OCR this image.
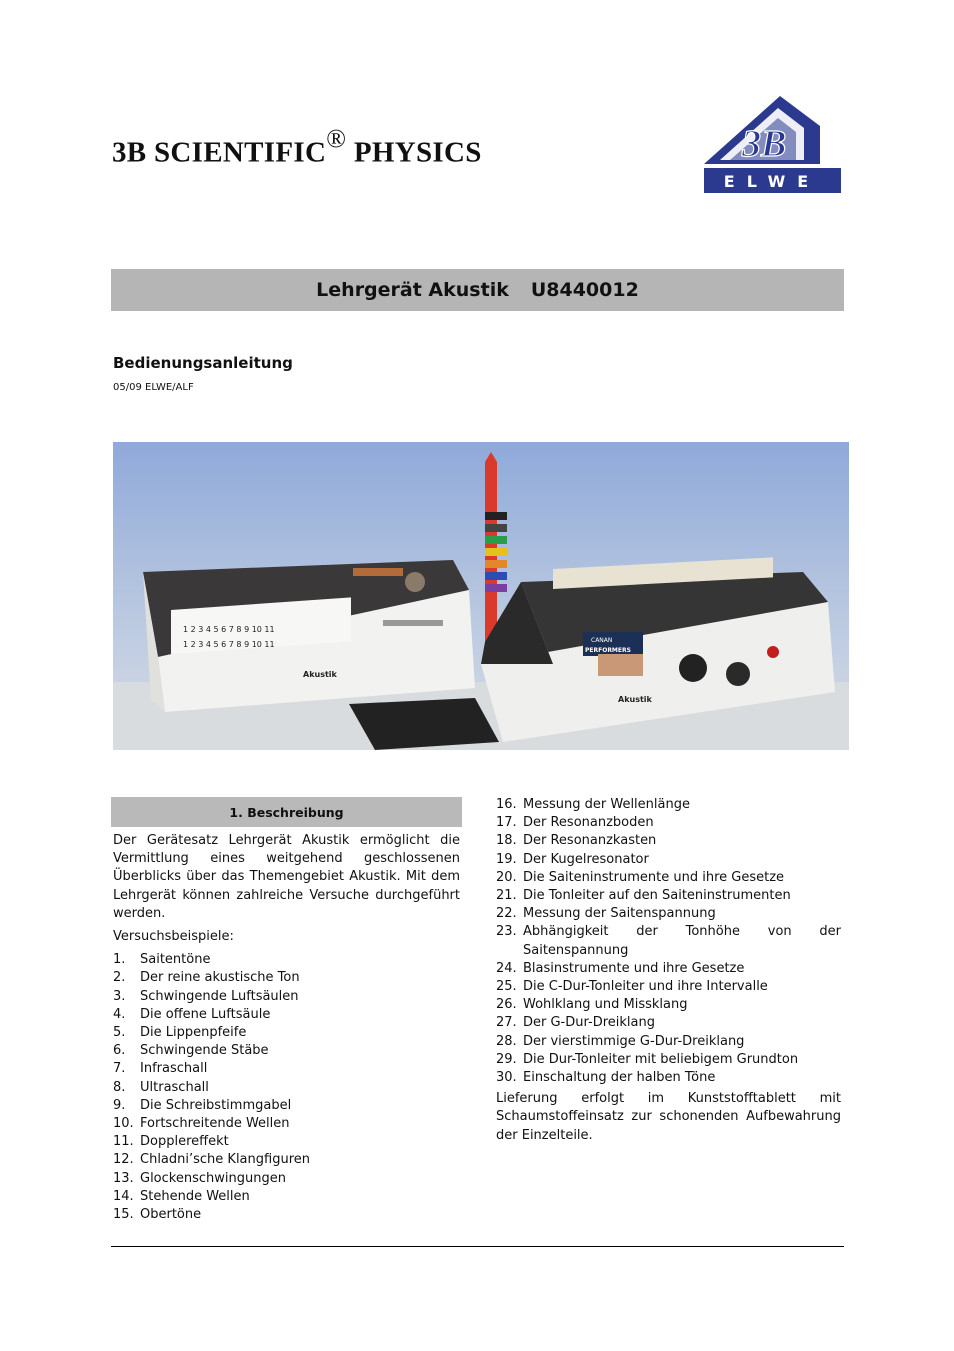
3B SCIENTIFIC® PHYSICS	3B	®
ELWE
Lehrgerät Akustik U8440012
Bedienungsanleitung
05/09 ELWE/ALF
1 2 3 4 5 6 7 8 9 10 11
1 2 3 4 5 6 7 8 9 10 11
Akustik
CANAN
PERFORMERS
Akustik
1. Beschreibung

Der Gerätesatz Lehrgerät Akustik ermöglicht die Vermittlung eines weitgehend geschlossenen Überblicks über das Themengebiet Akustik. Mit dem Lehrgerät können zahlreiche Versuche durchgeführt werden.

Versuchsbeispiele:

1.	Saitentöne
2.	Der reine akustische Ton
3.	Schwingende Luftsäulen
4.	Die offene Luftsäule
5.	Die Lippenpfeife
6.	Schwingende Stäbe
7.	Infraschall
8.	Ultraschall
9.	Die Schreibstimmgabel
10. Fortschreitende Wellen
11. Dopplereffekt
12. Chladni’sche Klangfiguren
13. Glockenschwingungen
14. Stehende Wellen
15. Obertöne
16. Messung der Wellenlänge
17. Der Resonanzboden
18. Der Resonanzkasten
19. Der Kugelresonator
20. Die Saiteninstrumente und ihre Gesetze
21. Die Tonleiter auf den Saiteninstrumenten
22. Messung der Saitenspannung
23. Abhängigkeit der Tonhöhe von der Saitenspannung
24. Blasinstrumente und ihre Gesetze
25. Die C-Dur-Tonleiter und ihre Intervalle
26. Wohlklang und Missklang
27. Der G-Dur-Dreiklang
28. Der vierstimmige G-Dur-Dreiklang
29. Die Dur-Tonleiter mit beliebigem Grundton
30. Einschaltung der halben Töne

Lieferung erfolgt im Kunststofftablett mit Schaumstoffeinsatz zur schonenden Aufbewahrung der Einzelteile.
